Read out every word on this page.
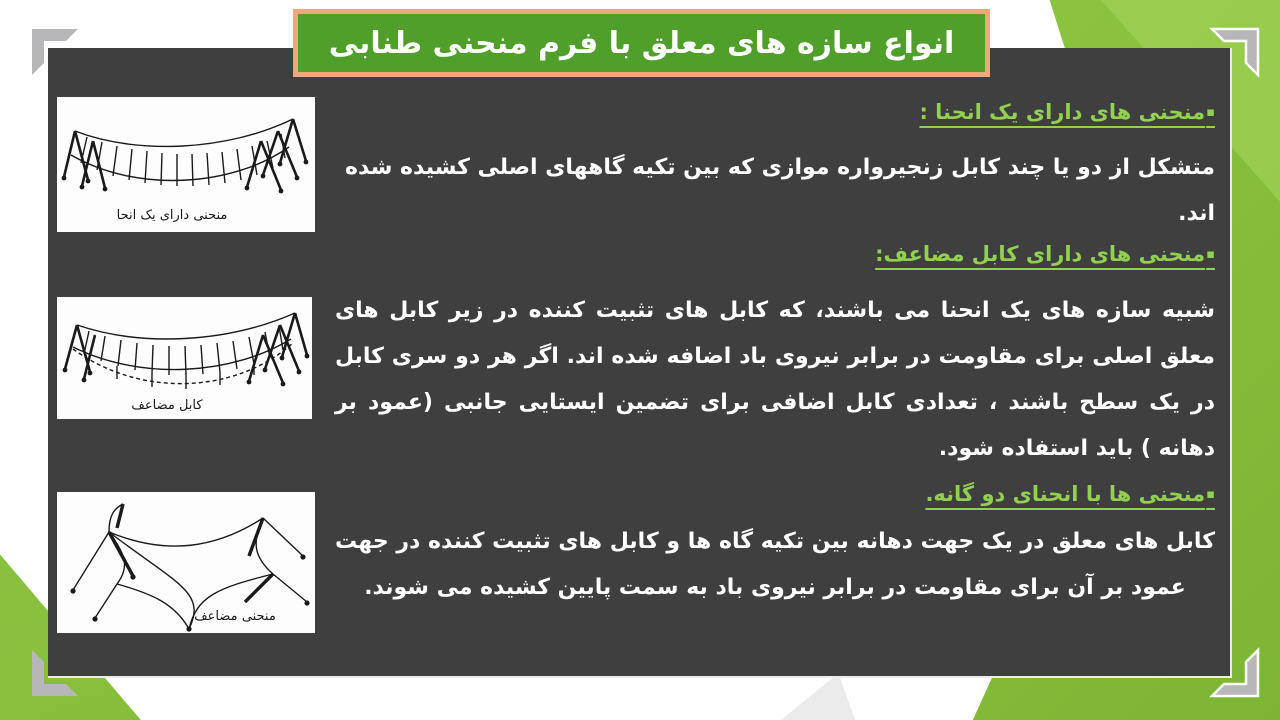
انواع سازه های معلق با فرم منحنی طنابی
منحنی دارای یک انحا
کابل مضاعف
منحنی مضاعف
▪منحنی های دارای یک انحنا :
متشکل از دو یا چند کابل زنجیرواره موازی که بین تکیه گاههای اصلی کشیده شده اند.
▪منحنی های دارای کابل مضاعف:
شبیه سازه های یک انحنا می باشند، که کابل های تثبیت کننده در زیر کابل های معلق اصلی برای مقاومت در برابر نیروی باد اضافه شده اند. اگر هر دو سری کابل در یک سطح باشند ، تعدادی کابل اضافی برای تضمین ایستایی جانبی (عمود بر دهانه ) باید استفاده شود.
▪منحنی ها با انحنای دو گانه.
کابل های معلق در یک جهت دهانه بین تکیه گاه ها و کابل های تثبیت کننده در جهت عمود بر آن برای مقاومت در برابر نیروی باد به سمت پایین کشیده می شوند.
